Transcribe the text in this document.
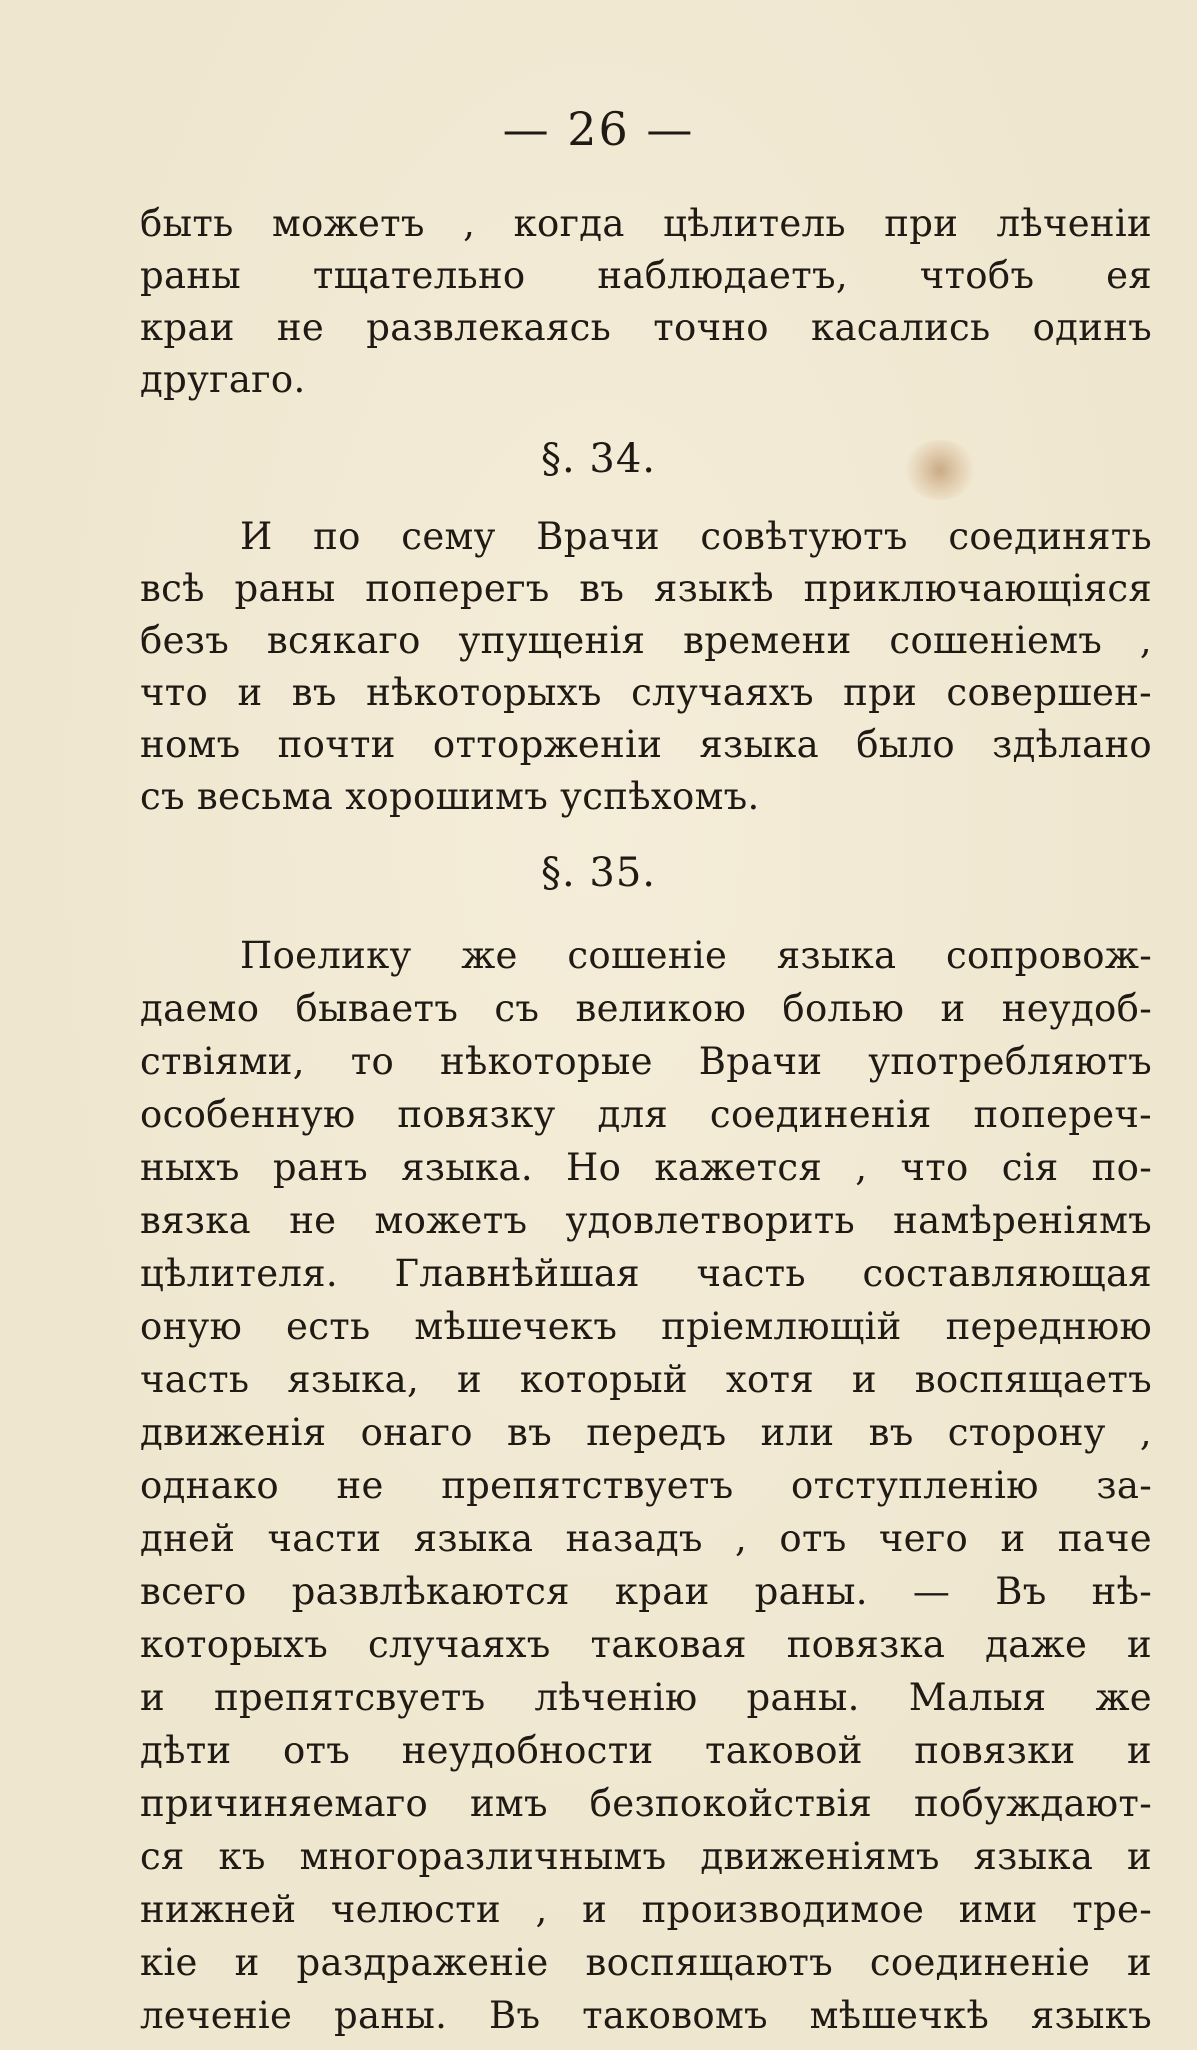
— 26 —
быть можетъ , когда цѣлитель при лѣченіи
раны тщательно наблюдаетъ, чтобъ ея
краи не развлекаясь точно касались одинъ
другаго.
§. 34.
И по сему Врачи совѣтуютъ соединять
всѣ раны поперегъ въ языкѣ приключающіяся
безъ всякаго упущенія времени сошеніемъ ,
что и въ нѣкоторыхъ случаяхъ при совершен-
номъ почти отторженіи языка было здѣлано
съ весьма хорошимъ успѣхомъ.
§. 35.
Поелику же сошеніе языка сопровож-
даемо бываетъ съ великою болью и неудоб-
ствіями, то нѣкоторые Врачи употребляютъ
особенную повязку для соединенія попереч-
ныхъ ранъ языка. Но кажется , что сія по-
вязка не можетъ удовлетворить намѣреніямъ
цѣлителя. Главнѣйшая часть составляющая
оную есть мѣшечекъ пріемлющій переднюю
часть языка, и который хотя и воспящаетъ
движенія онаго въ передъ или въ сторону ,
однако не препятствуетъ отступленію за-
дней части языка назадъ , отъ чего и паче
всего развлѣкаются краи раны. — Въ нѣ-
которыхъ случаяхъ таковая повязка даже и
и препятсвуетъ лѣченію раны. Малыя же
дѣти отъ неудобности таковой повязки и
причиняемаго имъ безпокойствія побуждают-
ся къ многоразличнымъ движеніямъ языка и
нижней челюсти , и производимое ими тре-
кіе и раздраженіе воспящаютъ соединеніе и
леченіе раны. Въ таковомъ мѣшечкѣ языкъ
